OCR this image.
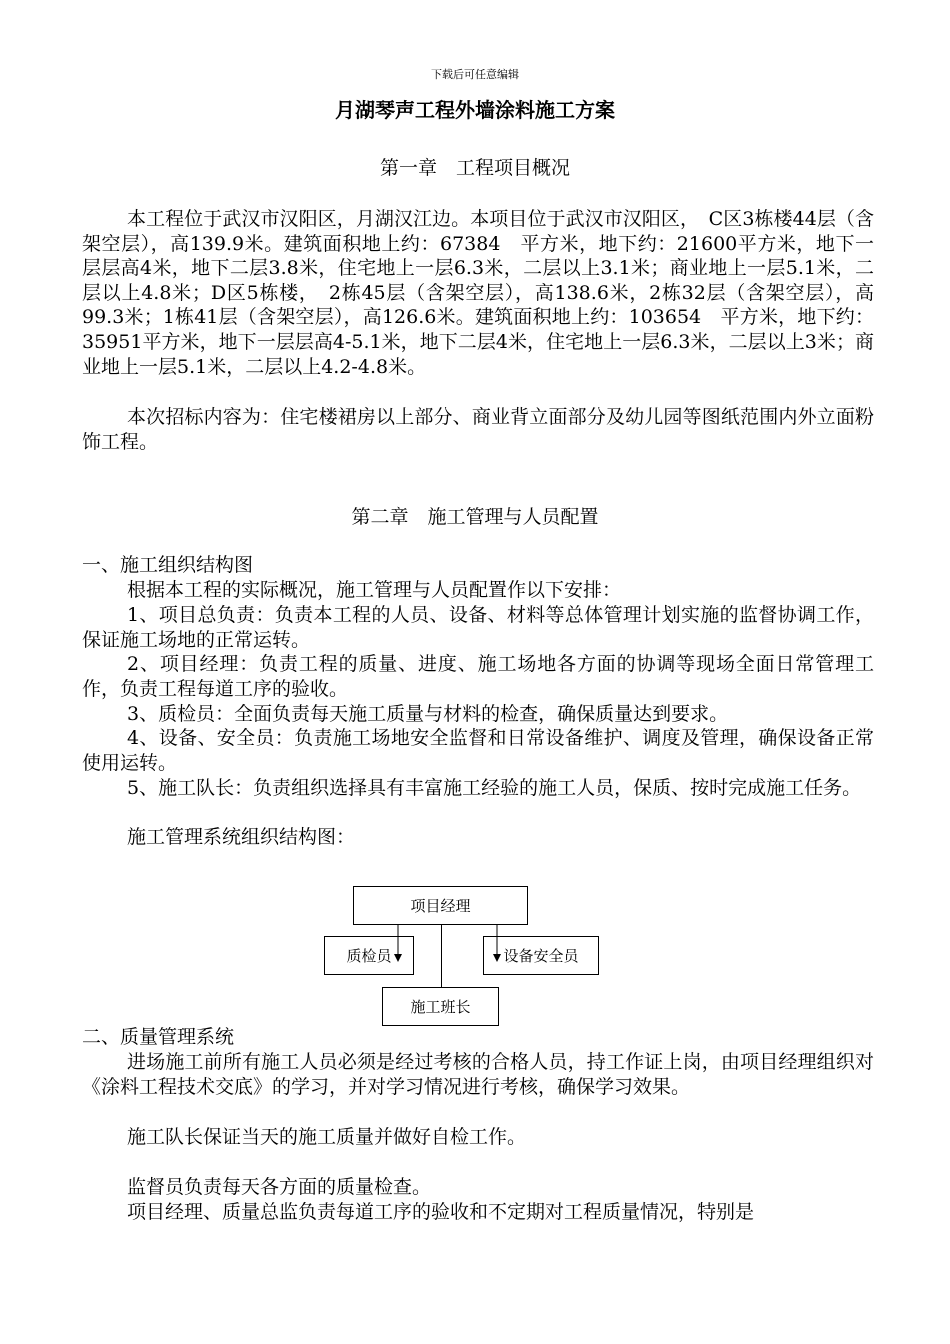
下载后可任意编辑
月湖琴声工程外墙涂料施工方案
第一章　工程项目概况

本工程位于武汉市汉阳区，月湖汉江边。本项目位于武汉市汉阳区，　C区3栋楼44层（含架空层），高139.9米。建筑面积地上约：67384　平方米，地下约：21600平方米，地下一层层高4米，地下二层3.8米，住宅地上一层6.3米，二层以上3.1米；商业地上一层5.1米，二层以上4.8米；D区5栋楼，　2栋45层（含架空层），高138.6米，2栋32层（含架空层），高99.3米；1栋41层（含架空层），高126.6米。建筑面积地上约：103654　平方米，地下约：35951平方米，地下一层层高4-5.1米，地下二层4米，住宅地上一层6.3米，二层以上3米；商业地上一层5.1米，二层以上4.2-4.8米。

本次招标内容为：住宅楼裙房以上部分、商业背立面部分及幼儿园等图纸范围内外立面粉饰工程。

第二章　施工管理与人员配置

一、施工组织结构图

根据本工程的实际概况，施工管理与人员配置作以下安排：

1、项目总负责：负责本工程的人员、设备、材料等总体管理计划实施的监督协调工作，保证施工场地的正常运转。

2、项目经理：负责工程的质量、进度、施工场地各方面的协调等现场全面日常管理工作，负责工程每道工序的验收。

3、质检员：全面负责每天施工质量与材料的检查，确保质量达到要求。

4、设备、安全员：负责施工场地安全监督和日常设备维护、调度及管理，确保设备正常使用运转。

5、施工队长：负责组织选择具有丰富施工经验的施工人员，保质、按时完成施工任务。

施工管理系统组织结构图：

项目经理
质检员	设备安全员
施工班长

二、质量管理系统

进场施工前所有施工人员必须是经过考核的合格人员，持工作证上岗，由项目经理组织对《涂料工程技术交底》的学习，并对学习情况进行考核，确保学习效果。

施工队长保证当天的施工质量并做好自检工作。

监督员负责每天各方面的质量检查。

项目经理、质量总监负责每道工序的验收和不定期对工程质量情况，特别是
